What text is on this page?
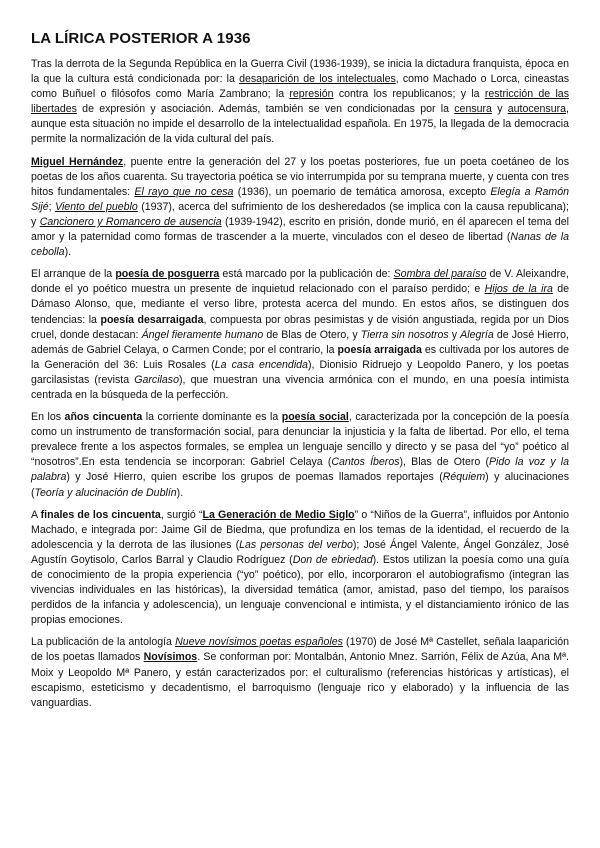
LA LÍRICA POSTERIOR A 1936

Tras la derrota de la Segunda República en la Guerra Civil (1936-1939), se inicia la dictadura franquista, época en la que la cultura está condicionada por: la desaparición de los intelectuales, como Machado o Lorca, cineastas como Buñuel o filósofos como María Zambrano; la represión contra los republicanos; y la restricción de las libertades de expresión y asociación. Además, también se ven condicionadas por la censura y autocensura, aunque esta situación no impide el desarrollo de la intelectualidad española. En 1975, la llegada de la democracia permite la normalización de la vida cultural del país.

Miguel Hernández, puente entre la generación del 27 y los poetas posteriores, fue un poeta coetáneo de los poetas de los años cuarenta. Su trayectoria poética se vio interrumpida por su temprana muerte, y cuenta con tres hitos fundamentales: El rayo que no cesa (1936), un poemario de temática amorosa, excepto Elegía a Ramón Sijé; Viento del pueblo (1937), acerca del sufrimiento de los desheredados (se implica con la causa republicana); y Cancionero y Romancero de ausencia (1939-1942), escrito en prisión, donde murió, en él aparecen el tema del amor y la paternidad como formas de trascender a la muerte, vinculados con el deseo de libertad (Nanas de la cebolla).

El arranque de la poesía de posguerra está marcado por la publicación de: Sombra del paraíso de V. Aleixandre, donde el yo poético muestra un presente de inquietud relacionado con el paraíso perdido; e Hijos de la ira de Dámaso Alonso, que, mediante el verso libre, protesta acerca del mundo. En estos años, se distinguen dos tendencias: la poesía desarraigada, compuesta por obras pesimistas y de visión angustiada, regida por un Dios cruel, donde destacan: Ángel fieramente humano de Blas de Otero, y Tierra sin nosotros y Alegría de José Hierro, además de Gabriel Celaya, o Carmen Conde; por el contrario, la poesía arraigada es cultivada por los autores de la Generación del 36: Luis Rosales (La casa encendida), Dionisio Ridruejo y Leopoldo Panero, y los poetas garcilasistas (revista Garcilaso), que muestran una vivencia armónica con el mundo, en una poesía intimista centrada en la búsqueda de la perfección.

En los años cincuenta la corriente dominante es la poesía social, caracterizada por la concepción de la poesía como un instrumento de transformación social, para denunciar la injusticia y la falta de libertad. Por ello, el tema prevalece frente a los aspectos formales, se emplea un lenguaje sencillo y directo y se pasa del “yo” poético al “nosotros”.En esta tendencia se incorporan: Gabriel Celaya (Cantos Íberos), Blas de Otero (Pido la voz y la palabra) y José Hierro, quien escribe los grupos de poemas llamados reportajes (Réquiem) y alucinaciones (Teoría y alucinación de Dublín).

A finales de los cincuenta, surgió “La Generación de Medio Siglo” o “Niños de la Guerra”, influidos por Antonio Machado, e integrada por: Jaime Gil de Biedma, que profundiza en los temas de la identidad, el recuerdo de la adolescencia y la derrota de las ilusiones (Las personas del verbo); José Ángel Valente, Ángel González, José Agustín Goytisolo, Carlos Barral y Claudio Rodríguez (Don de ebriedad). Estos utilizan la poesía como una guía de conocimiento de la propia experiencia (“yo” poético), por ello, incorporaron el autobiografismo (integran las vivencias individuales en las históricas), la diversidad temática (amor, amistad, paso del tiempo, los paraísos perdidos de la infancia y adolescencia), un lenguaje convencional e intimista, y el distanciamiento irónico de las propias emociones.

La publicación de la antología Nueve novísimos poetas españoles (1970) de José Mª Castellet, señala laaparición de los poetas llamados Novísimos. Se conforman por: Montalbán, Antonio Mnez. Sarrión, Félix de Azúa, Ana Mª. Moix y Leopoldo Mª Panero, y están caracterizados por: el culturalismo (referencias históricas y artísticas), el escapismo, esteticismo y decadentismo, el barroquismo (lenguaje rico y elaborado) y la influencia de las vanguardias.
